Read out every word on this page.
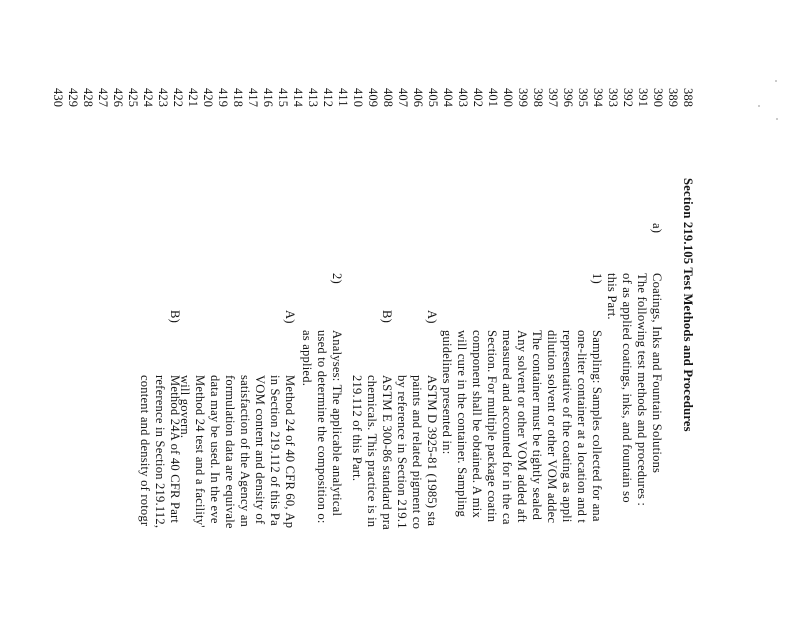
388
389
390
391
392
393
394
395
396
397
398
399
400
401
402
403
404
405
406
407
408
409
410
411
412
413
414
415
416
417
418
419
420
421
422
423
424
425
426
427
428
429
430
Section 219.105 Test Methods and Procedures
a)
Coatings, Inks and Fountain Solutions
The following test methods and procedures :
of as applied coatings, inks, and fountain so
this Part.
1)
Sampling: Samples collected for ana
one-liter container at a location and t
representative of the coating as appli
dilution solvent or other VOM addec
The container must be tightly sealed
Any solvent or other VOM added aft
measured and accounted for in the ca
Section. For multiple package coatin
component shall be obtained. A mix
will cure in the container. Sampling
guidelines presented in:
A)
ASTM D 3925-81 (1985) sta
paints and related pigment co
by reference in Section 219.1
B)
ASTM E 300-86 standard pra
chemicals. This practice is in
219.112 of this Part.
2)
Analyses: The applicable analytical
used to determine the composition o:
as applied.
A)
Method 24 of 40 CFR 60, Ap
in Section 219.112 of this Pa
VOM content and density of
satisfaction of the Agency an
formulation data are equivale
data may be used. In the eve
Method 24 test and a facility'
will govern.
B)
Method 24A of 40 CFR Part
reference in Section 219.112,
content and density of rotogr
